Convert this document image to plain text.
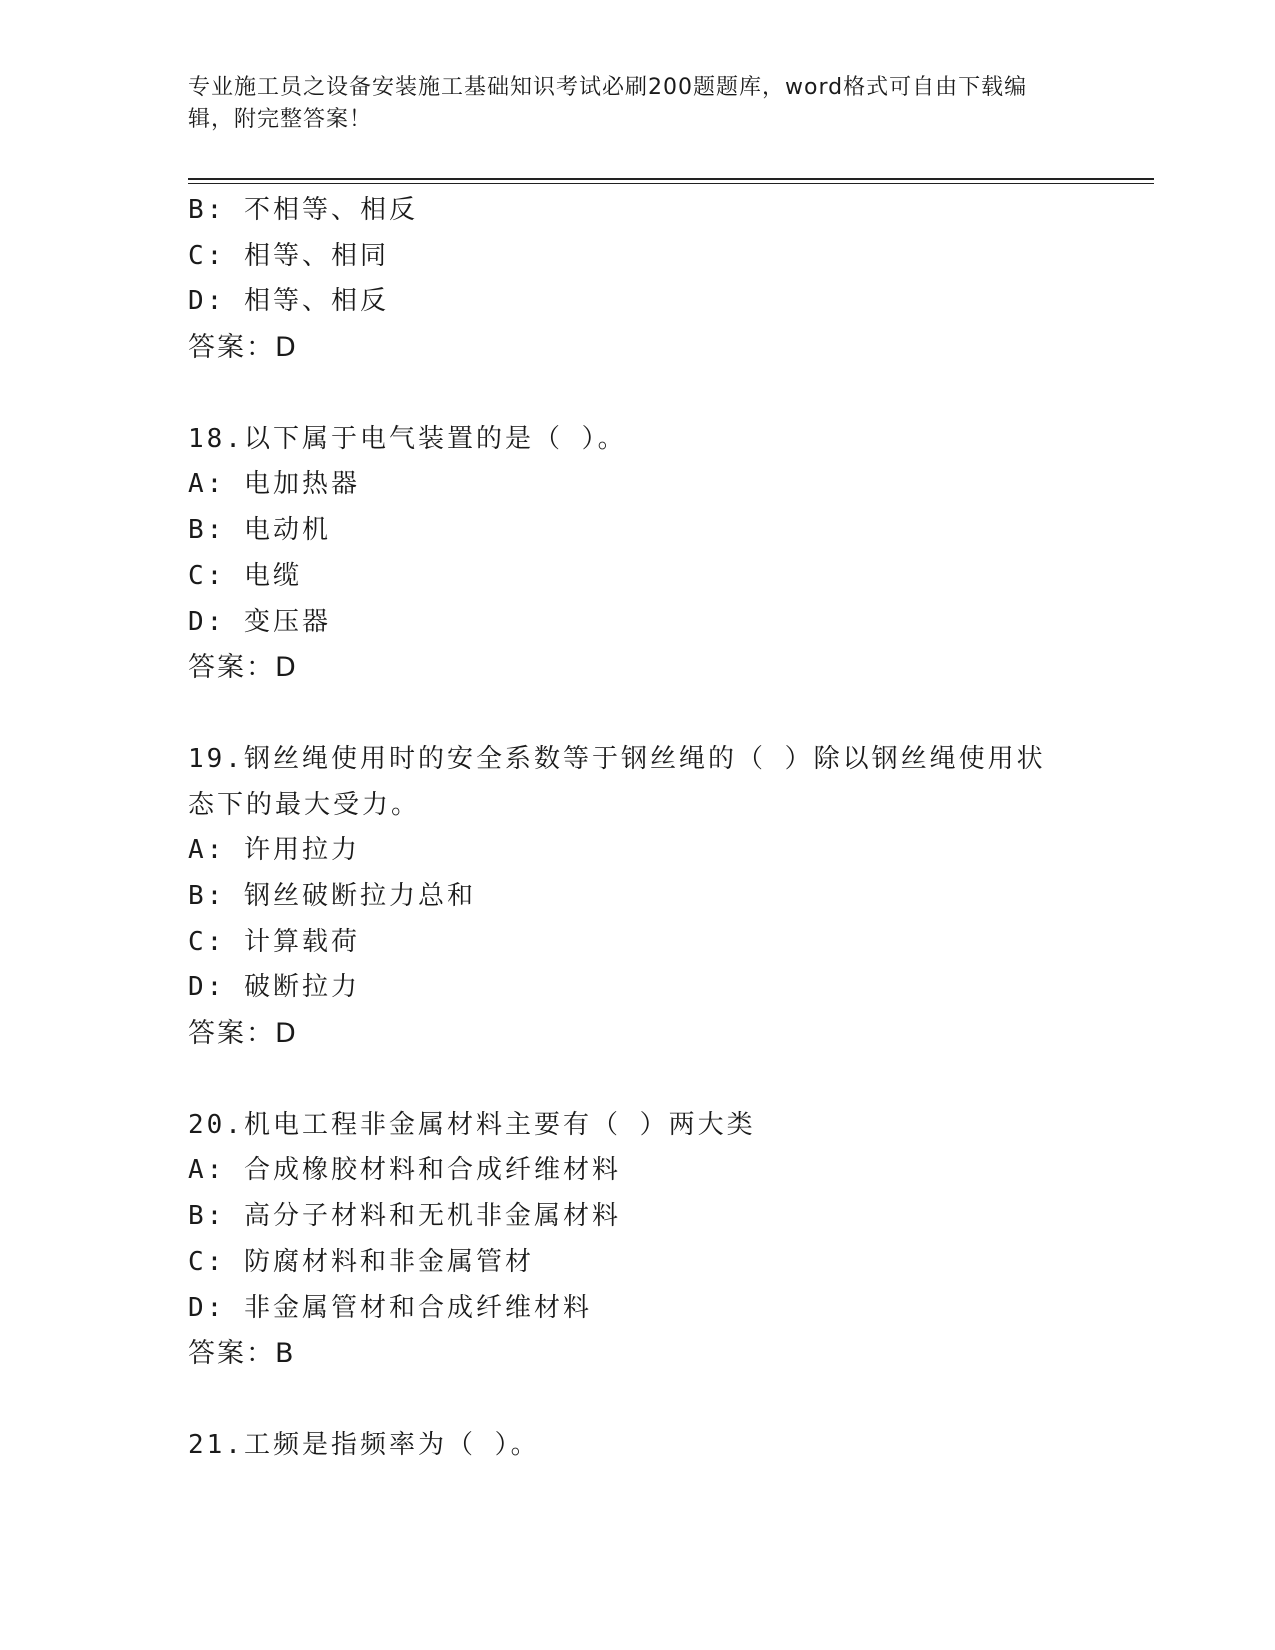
专业施工员之设备安装施工基础知识考试必刷200题题库，word格式可自由下载编辑，附完整答案！
B: 不相等、相反
C: 相等、相同
D: 相等、相反
答案：D
18.以下属于电气装置的是（ ）。
A: 电加热器
B: 电动机
C: 电缆
D: 变压器
答案：D
19.钢丝绳使用时的安全系数等于钢丝绳的（ ）除以钢丝绳使用状态下的最大受力。
A: 许用拉力
B: 钢丝破断拉力总和
C: 计算载荷
D: 破断拉力
答案：D
20.机电工程非金属材料主要有（ ）两大类
A: 合成橡胶材料和合成纤维材料
B: 高分子材料和无机非金属材料
C: 防腐材料和非金属管材
D: 非金属管材和合成纤维材料
答案：B
21.工频是指频率为（ ）。
